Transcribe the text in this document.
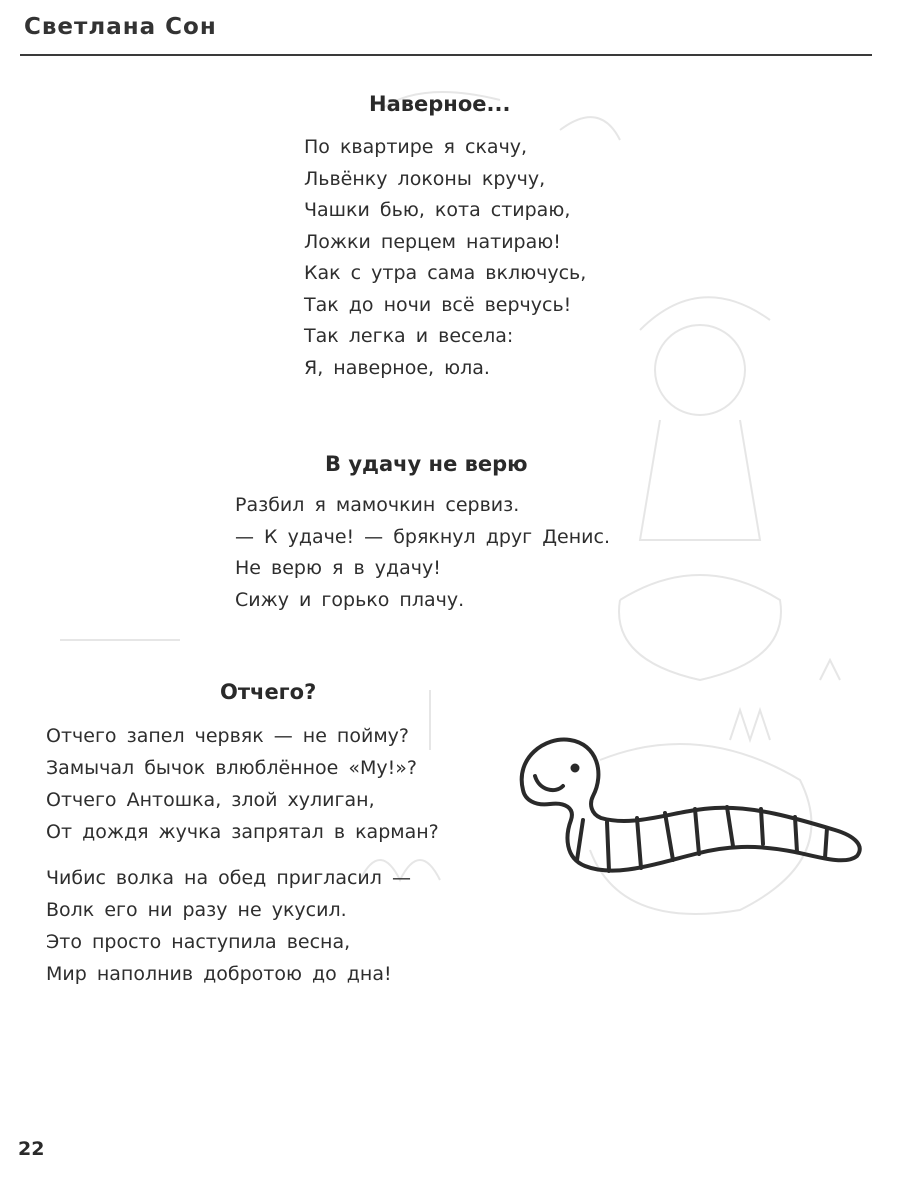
Светлана Сон
Наверное...
По квартире я скачу,
Львёнку локоны кручу,
Чашки бью, кота стираю,
Ложки перцем натираю!
Как с утра сама включусь,
Так до ночи всё верчусь!
Так легка и весела:
Я, наверное, юла.
В удачу не верю
Разбил я мамочкин сервиз.
— К удаче! — брякнул друг Денис.
Не верю я в удачу!
Сижу и горько плачу.
Отчего?
Отчего запел червяк — не пойму?
Замычал бычок влюблённое «Му!»?
Отчего Антошка, злой хулиган,
От дождя жучка запрятал в карман?
Чибис волка на обед пригласил —
Волк его ни разу не укусил.
Это просто наступила весна,
Мир наполнив добротою до дна!
22
